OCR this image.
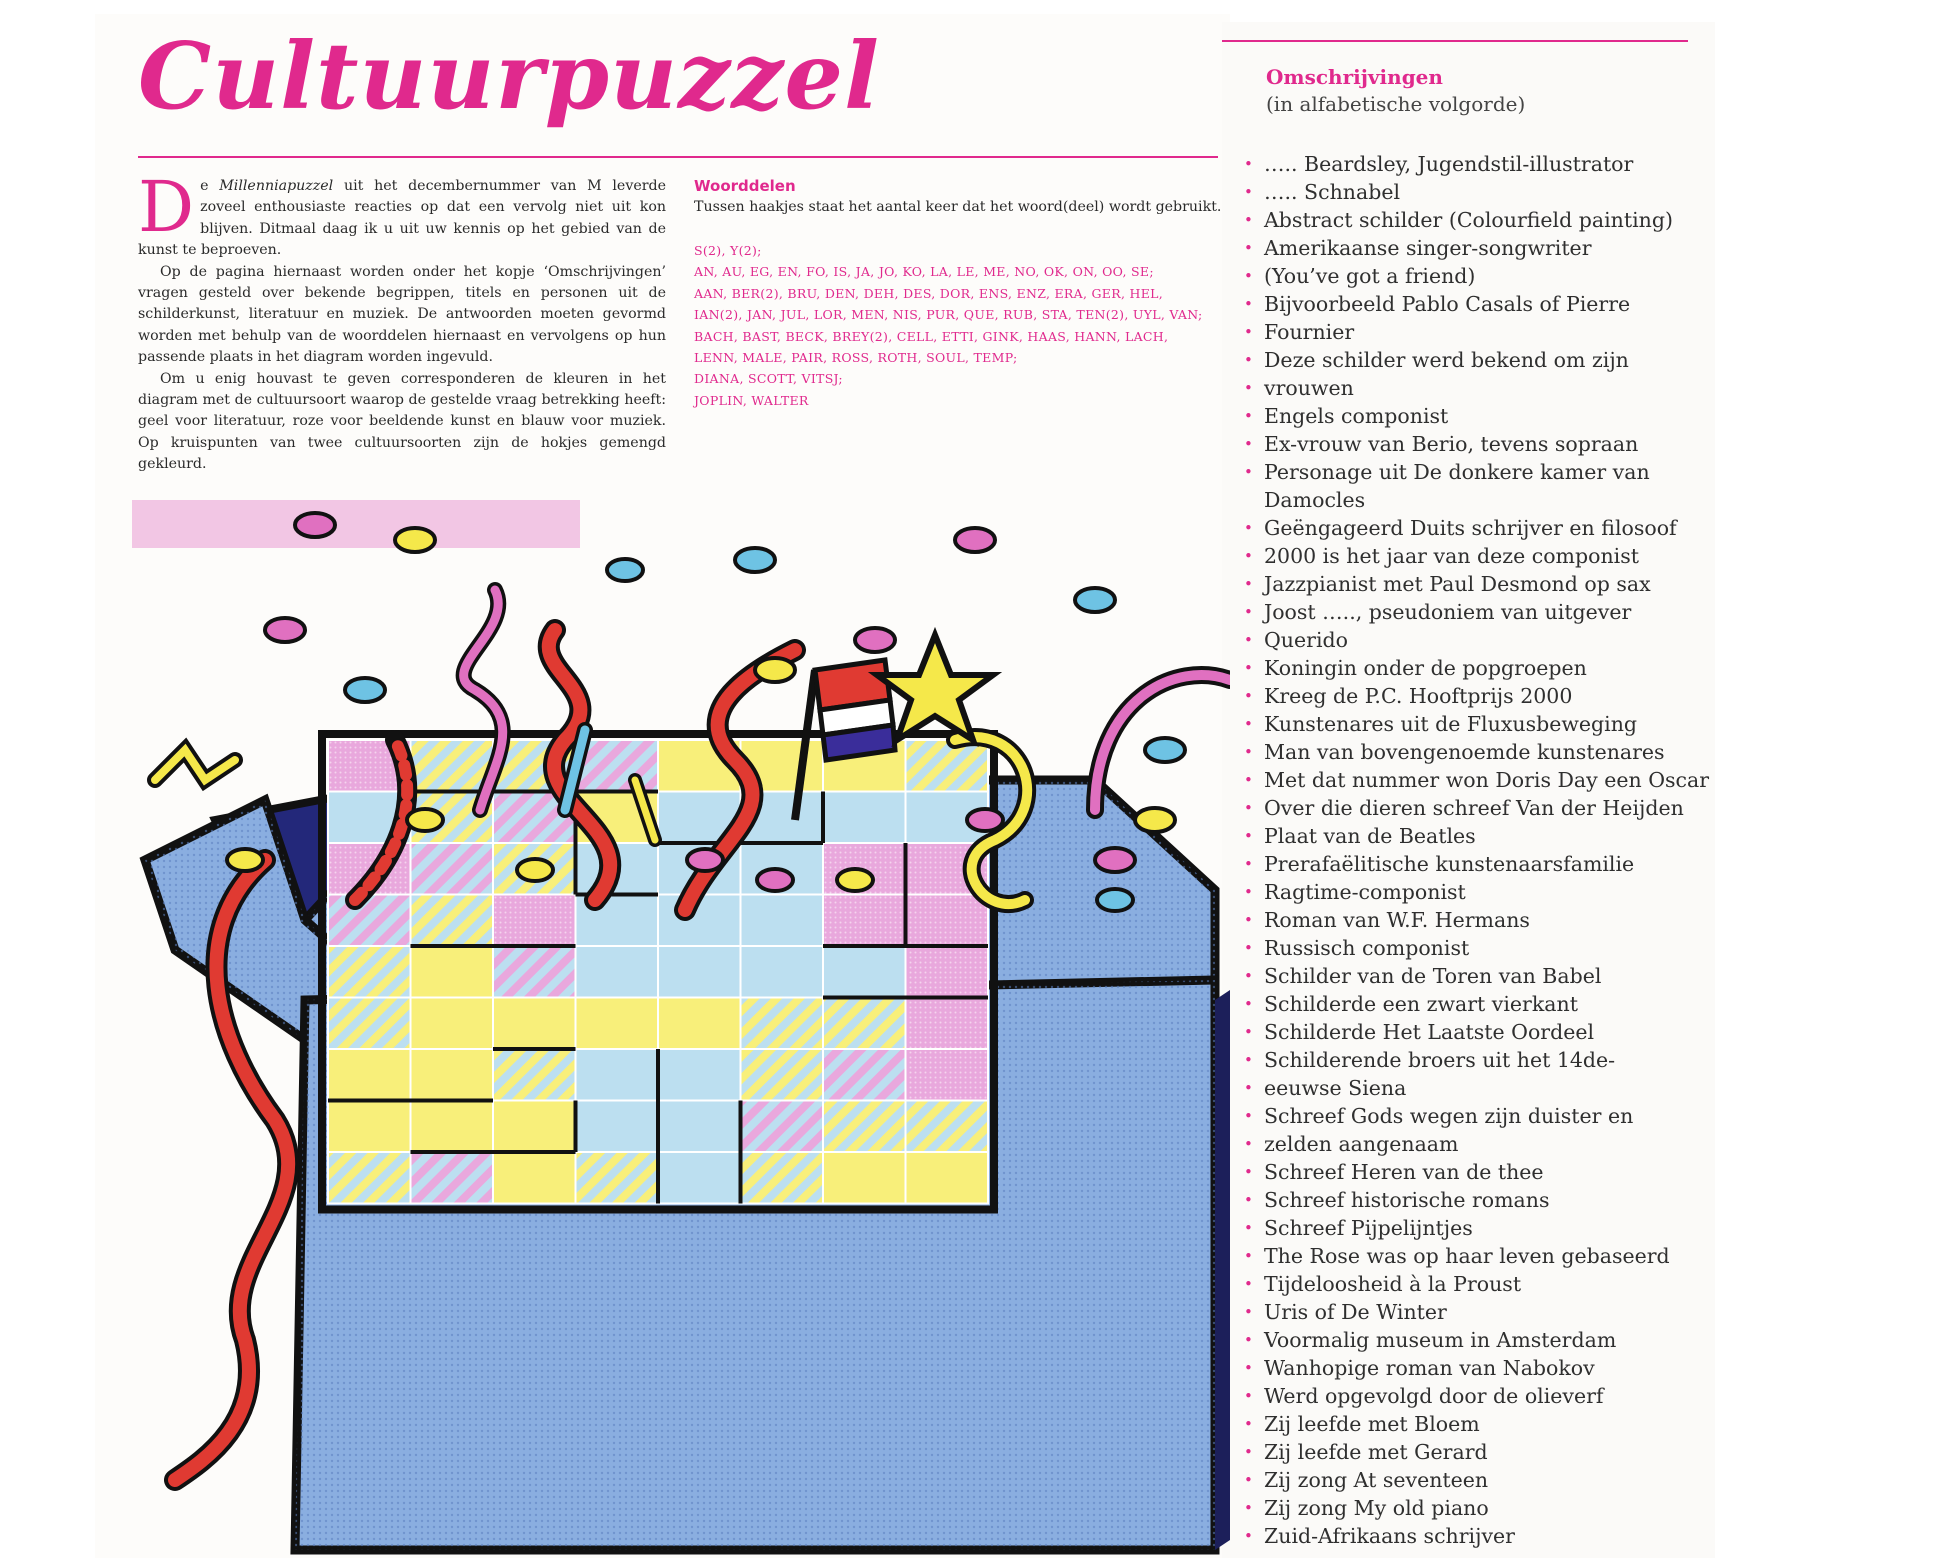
Cultuurpuzzel

De Millenniapuzzel uit het decembernummer van M leverde zoveel enthousiaste reacties op dat een vervolg niet uit kon blijven. Ditmaal daag ik u uit uw kennis op het gebied van de kunst te beproeven.

Op de pagina hiernaast worden onder het kopje ‘Omschrijvingen’ vragen gesteld over bekende begrippen, titels en personen uit de schilderkunst, literatuur en muziek. De antwoorden moeten gevormd worden met behulp van de woorddelen hiernaast en vervolgens op hun passende plaats in het diagram worden ingevuld.

Om u enig houvast te geven corresponderen de kleuren in het diagram met de cultuursoort waarop de gestelde vraag betrekking heeft: geel voor literatuur, roze voor beeldende kunst en blauw voor muziek. Op kruispunten van twee cultuursoorten zijn de hokjes gemengd gekleurd.

Woorddelen

Tussen haakjes staat het aantal keer dat het woord(deel) wordt gebruikt.

S(2), Y(2);
AN, AU, EG, EN, FO, IS, JA, JO, KO, LA, LE, ME, NO, OK, ON, OO, SE;
AAN, BER(2), BRU, DEN, DEH, DES, DOR, ENS, ENZ, ERA, GER, HEL,
IAN(2), JAN, JUL, LOR, MEN, NIS, PUR, QUE, RUB, STA, TEN(2), UYL, VAN;
BACH, BAST, BECK, BREY(2), CELL, ETTI, GINK, HAAS, HANN, LACH,
LENN, MALE, PAIR, ROSS, ROTH, SOUL, TEMP;
DIANA, SCOTT, VITSJ;
JOPLIN, WALTER
Omschrijvingen
(in alfabetische volgorde)
• ….. Beardsley, Jugendstil-illustrator
• ….. Schnabel
• Abstract schilder (Colourfield painting)
• Amerikaanse singer-songwriter
• (You’ve got a friend)
• Bijvoorbeeld Pablo Casals of Pierre
• Fournier
• Deze schilder werd bekend om zijn
• vrouwen
• Engels componist
• Ex-vrouw van Berio, tevens sopraan
• Personage uit De donkere kamer van Damocles
• Geëngageerd Duits schrijver en filosoof
• 2000 is het jaar van deze componist
• Jazzpianist met Paul Desmond op sax
• Joost ….., pseudoniem van uitgever
• Querido
• Koningin onder de popgroepen
• Kreeg de P.C. Hooftprijs 2000
• Kunstenares uit de Fluxusbeweging
• Man van bovengenoemde kunstenares
• Met dat nummer won Doris Day een Oscar
• Over die dieren schreef Van der Heijden
• Plaat van de Beatles
• Prerafaëlitische kunstenaarsfamilie
• Ragtime-componist
• Roman van W.F. Hermans
• Russisch componist
• Schilder van de Toren van Babel
• Schilderde een zwart vierkant
• Schilderde Het Laatste Oordeel
• Schilderende broers uit het 14de-
• eeuwse Siena
• Schreef Gods wegen zijn duister en
• zelden aangenaam
• Schreef Heren van de thee
• Schreef historische romans
• Schreef Pijpelijntjes
• The Rose was op haar leven gebaseerd
• Tijdeloosheid à la Proust
• Uris of De Winter
• Voormalig museum in Amsterdam
• Wanhopige roman van Nabokov
• Werd opgevolgd door de olieverf
• Zij leefde met Bloem
• Zij leefde met Gerard
• Zij zong At seventeen
• Zij zong My old piano
• Zuid-Afrikaans schrijver
